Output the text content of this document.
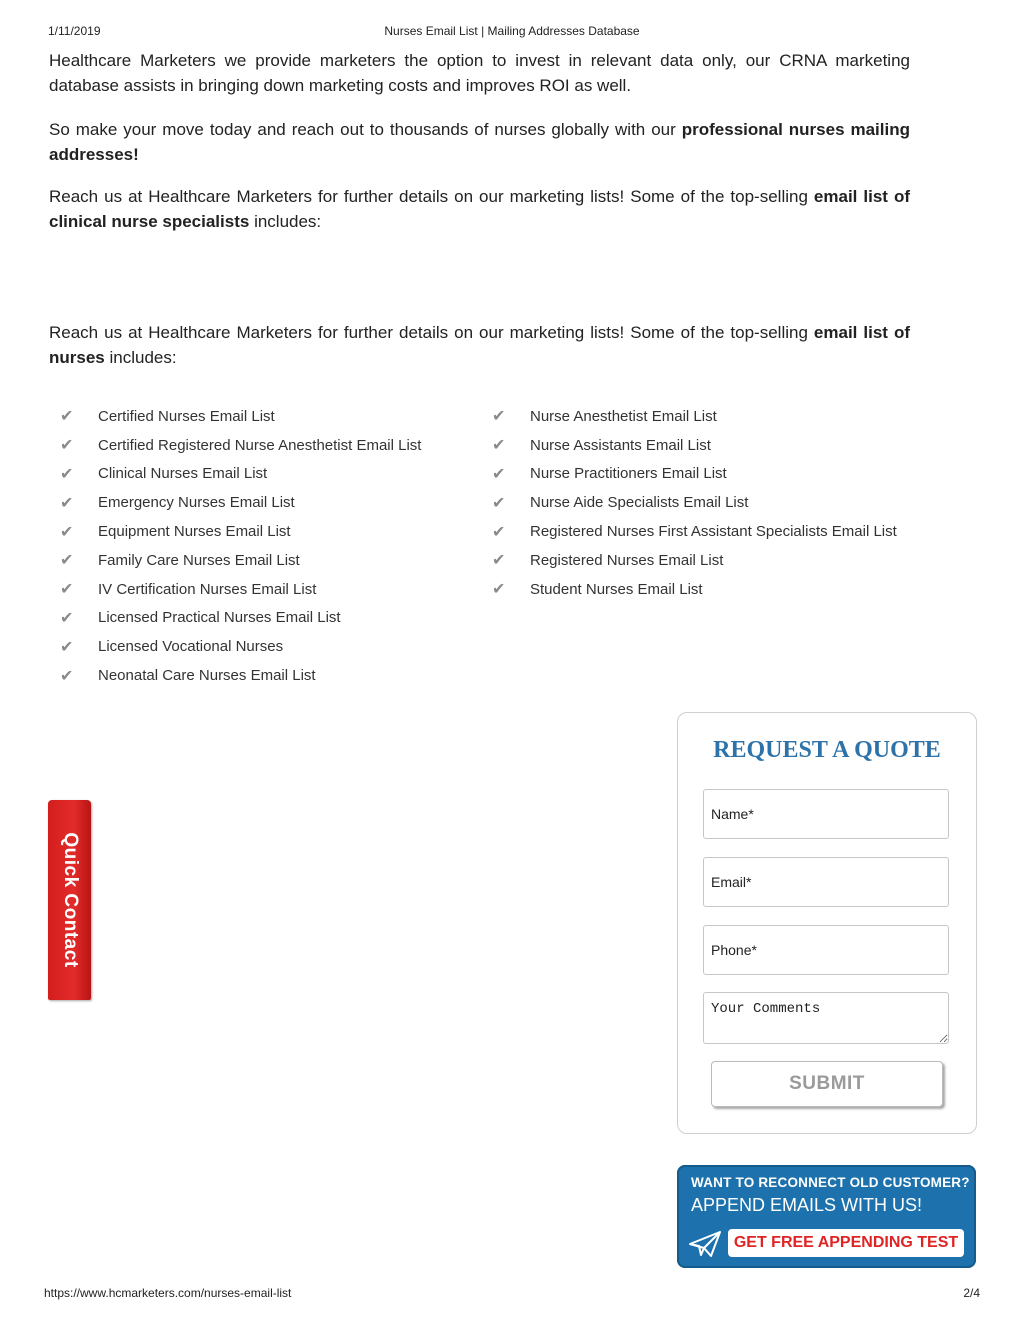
1/11/2019	Nurses Email List | Mailing Addresses Database
Healthcare Marketers we provide marketers the option to invest in relevant data only, our CRNA marketing database assists in bringing down marketing costs and improves ROI as well.
So make your move today and reach out to thousands of nurses globally with our professional nurses mailing addresses!
Reach us at Healthcare Marketers for further details on our marketing lists! Some of the top-selling email list of clinical nurse specialists includes:
Reach us at Healthcare Marketers for further details on our marketing lists! Some of the top-selling email list of nurses includes:
✔	Certified Nurses Email List
✔	Certified Registered Nurse Anesthetist Email List
✔	Clinical Nurses Email List
✔	Emergency Nurses Email List
✔	Equipment Nurses Email List
✔	Family Care Nurses Email List
✔	IV Certification Nurses Email List
✔	Licensed Practical Nurses Email List
✔	Licensed Vocational Nurses
✔	Neonatal Care Nurses Email List
✔	Nurse Anesthetist Email List
✔	Nurse Assistants Email List
✔	Nurse Practitioners Email List
✔	Nurse Aide Specialists Email List
✔	Registered Nurses First Assistant Specialists Email List
✔	Registered Nurses Email List
✔	Student Nurses Email List
Quick Contact
REQUEST A QUOTE
Name*
Email*
Phone*
Your Comments
SUBMIT
WANT TO RECONNECT OLD CUSTOMER?
APPEND EMAILS WITH US!
GET FREE APPENDING TEST
https://www.hcmarketers.com/nurses-email-list	2/4
